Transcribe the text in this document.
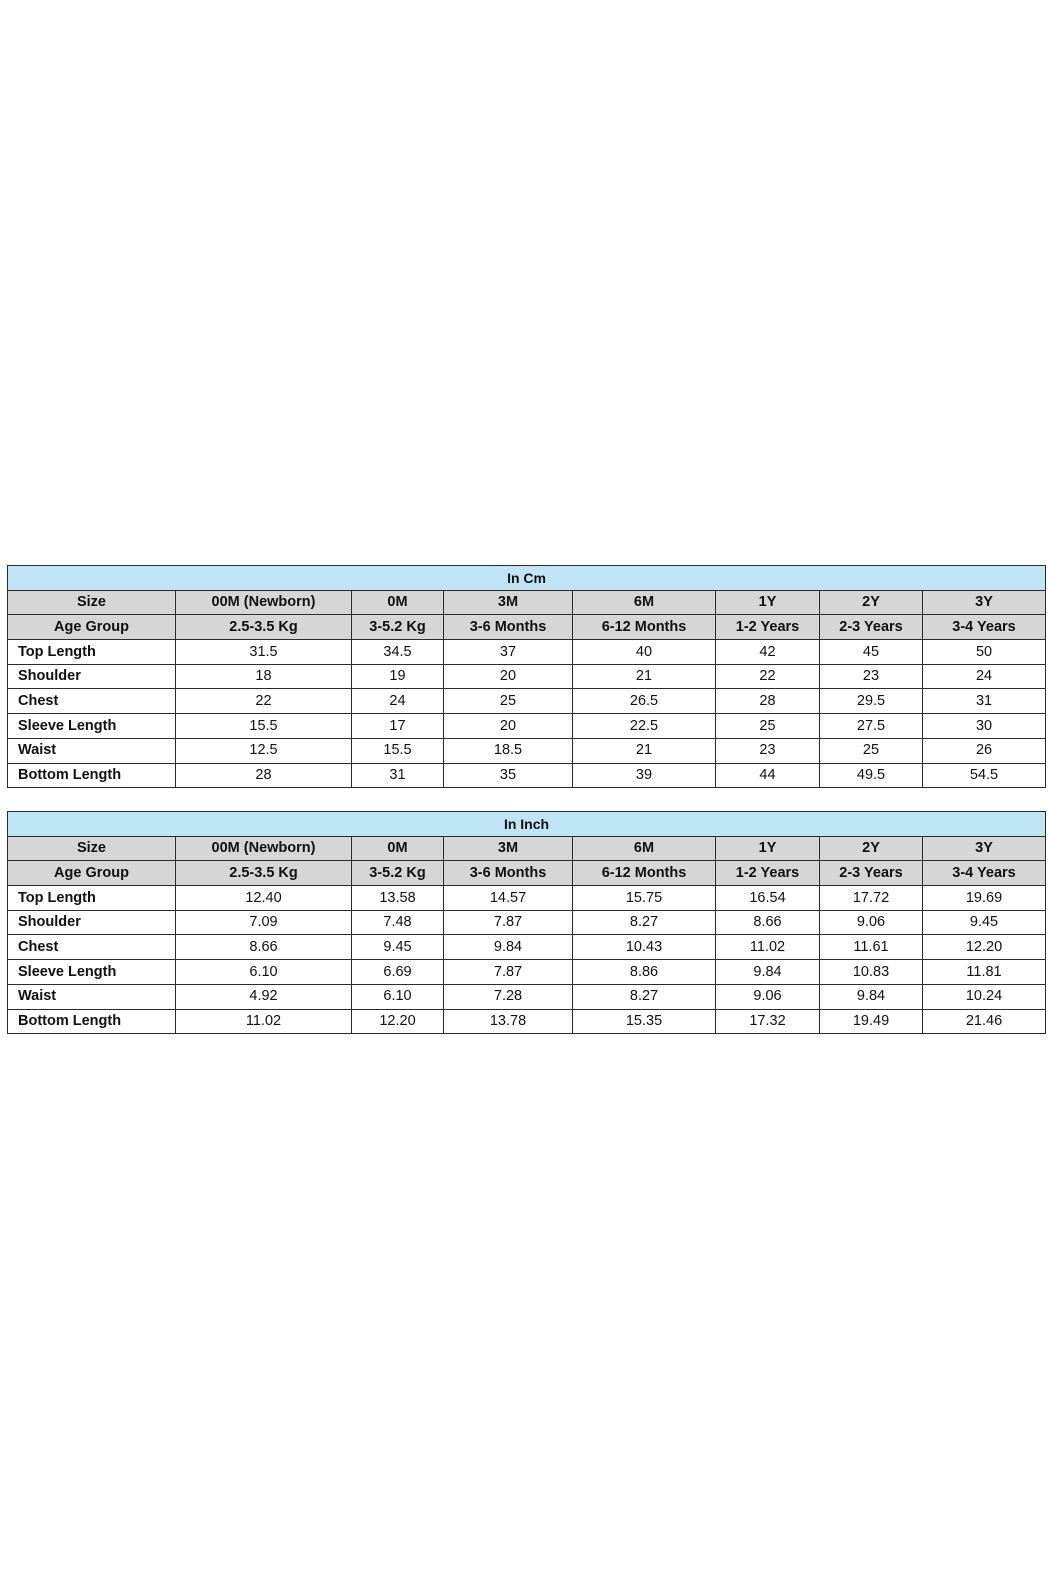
In Cm							
Size	00M (Newborn)	0M	3M	6M	1Y	2Y	3Y
Age Group	2.5-3.5 Kg	3-5.2 Kg	3-6 Months	6-12 Months	1-2 Years	2-3 Years	3-4 Years
Top Length	31.5	34.5	37	40	42	45	50
Shoulder	18	19	20	21	22	23	24
Chest	22	24	25	26.5	28	29.5	31
Sleeve Length	15.5	17	20	22.5	25	27.5	30
Waist	12.5	15.5	18.5	21	23	25	26
Bottom Length	28	31	35	39	44	49.5	54.5
In Inch							
Size	00M (Newborn)	0M	3M	6M	1Y	2Y	3Y
Age Group	2.5-3.5 Kg	3-5.2 Kg	3-6 Months	6-12 Months	1-2 Years	2-3 Years	3-4 Years
Top Length	12.40	13.58	14.57	15.75	16.54	17.72	19.69
Shoulder	7.09	7.48	7.87	8.27	8.66	9.06	9.45
Chest	8.66	9.45	9.84	10.43	11.02	11.61	12.20
Sleeve Length	6.10	6.69	7.87	8.86	9.84	10.83	11.81
Waist	4.92	6.10	7.28	8.27	9.06	9.84	10.24
Bottom Length	11.02	12.20	13.78	15.35	17.32	19.49	21.46
